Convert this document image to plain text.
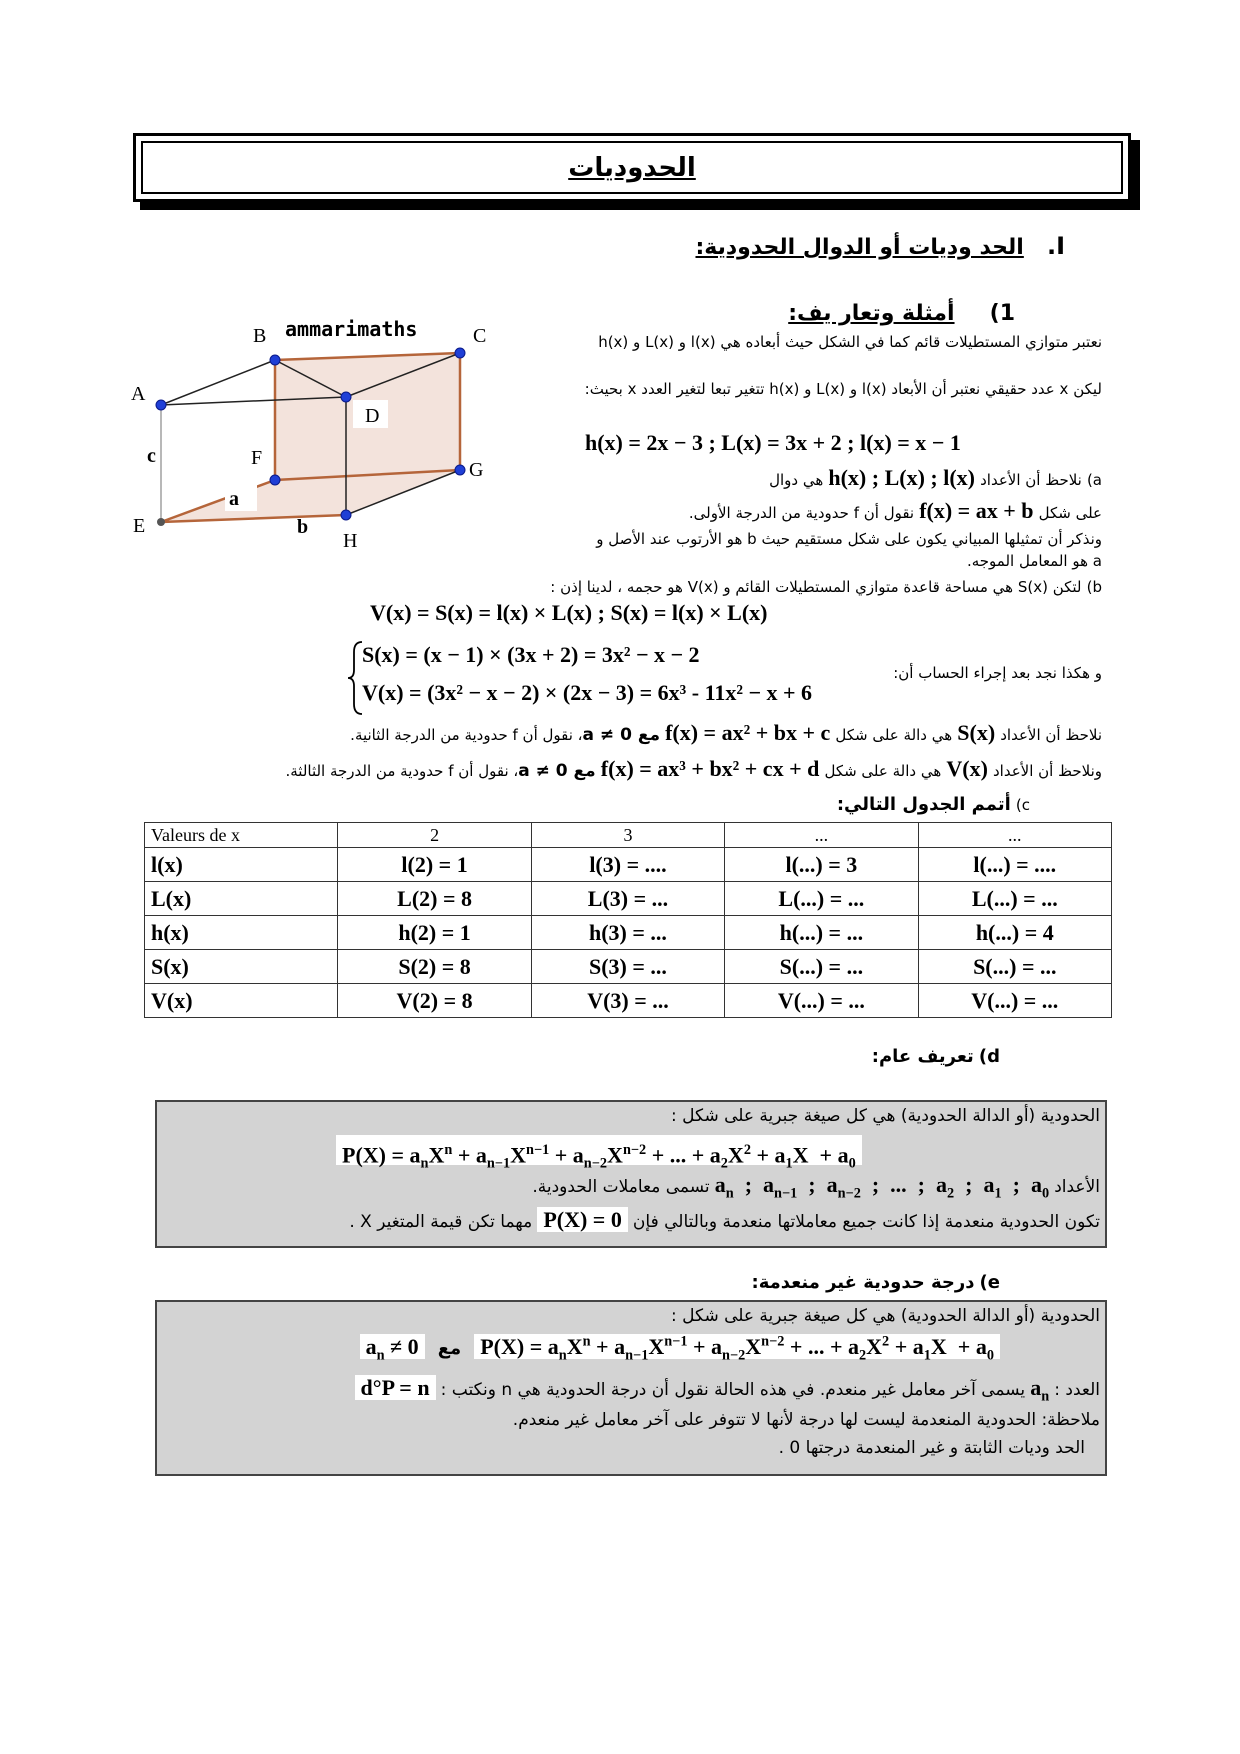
الحدوديات
I. الحد وديات أو الدوال الحدودية:
1) أمثلة وتعار يف:
ammarimaths
A
B	C
D
E
F
G
H
a
b
c
نعتبر متوازي المستطيلات قائم كما في الشكل حيث أبعاده هي l(x) و L(x) و h(x)
ليكن x عدد حقيقي نعتبر أن الأبعاد l(x) و L(x) و h(x) تتغير تبعا لتغير العدد x بحيث:
h(x) = 2x − 3 ; L(x) = 3x + 2 ; l(x) = x − 1
a) نلاحظ أن الأعداد h(x) ; L(x) ; l(x) هي دوال
على شكل f(x) = ax + b نقول أن f حدودية من الدرجة الأولى.
ونذكر أن تمثيلها المبياني يكون على شكل مستقيم حيث b هو الأرتوب عند الأصل و
a هو المعامل الموجه.
b) لتكن S(x) هي مساحة قاعدة متوازي المستطيلات القائم و V(x) هو حجمه ، لدينا إذن :
V(x) = S(x) = l(x) × L(x) ; S(x) = l(x) × L(x)
S(x) = (x − 1) × (3x + 2) = 3x² − x − 2
V(x) = (3x² − x − 2) × (2x − 3) = 6x³ - 11x² − x + 6
و هكذا نجد بعد إجراء الحساب أن:
نلاحظ أن الأعداد S(x) هي دالة على شكل f(x) = ax² + bx + c مع a ≠ 0، نقول أن f حدودية من الدرجة الثانية.
ونلاحظ أن الأعداد V(x) هي دالة على شكل f(x) = ax³ + bx² + cx + d مع a ≠ 0، نقول أن f حدودية من الدرجة الثالثة.
c) أتمم الجدول التالي:
Valeurs de x	2	3	...	...
l(x)	l(2) = 1	l(3) = ....	l(...) = 3	l(...) = ....
L(x)	L(2) = 8	L(3) = ...	L(...) = ...	L(...) = ...
h(x)	h(2) = 1	h(3) = ...	h(...) = ...	h(...) = 4
S(x)	S(2) = 8	S(3) = ...	S(...) = ...	S(...) = ...
V(x)	V(2) = 8	V(3) = ...	V(...) = ...	V(...) = ...
d) تعريف عام:
الحدودية (أو الدالة الحدودية) هي كل صيغة جبرية على شكل :
$P(X) = a_nX^n + a_{n-1}X^{n-1} + a_{n-2}X^{n-2}$ + ... + $a_2X^2 + a_1X + a_0$
الأعداد $a_n$  ;  $a_{n-1}$  ;  $a_{n-2}$  ;  ...  ;  $a_2$  ;  $a_1$  ;  $a_0$ تسمى معاملات الحدودية.
تكون الحدودية منعدمة إذا كانت جميع معاملاتها منعدمة وبالتالي فإن P(X) = 0 مهما تكن قيمة المتغير X .
e) درجة حدودية غير منعدمة:
الحدودية (أو الدالة الحدودية) هي كل صيغة جبرية على شكل :
$P(X) = a_nX^n + a_{n-1}X^{n-1} + a_{n-2}X^{n-2}$ + ... + $a_2X^2 + a_1X + a_0$ مع $a_n \ne 0$
العدد : $a_n$ يسمى آخر معامل غير منعدم. في هذه الحالة نقول أن درجة الحدودية هي n ونكتب : d°P = n
ملاحظة: الحدودية المنعدمة ليست لها درجة لأنها لا تتوفر على آخر معامل غير منعدم.
الحد وديات الثابتة و غير المنعدمة درجتها 0 .
